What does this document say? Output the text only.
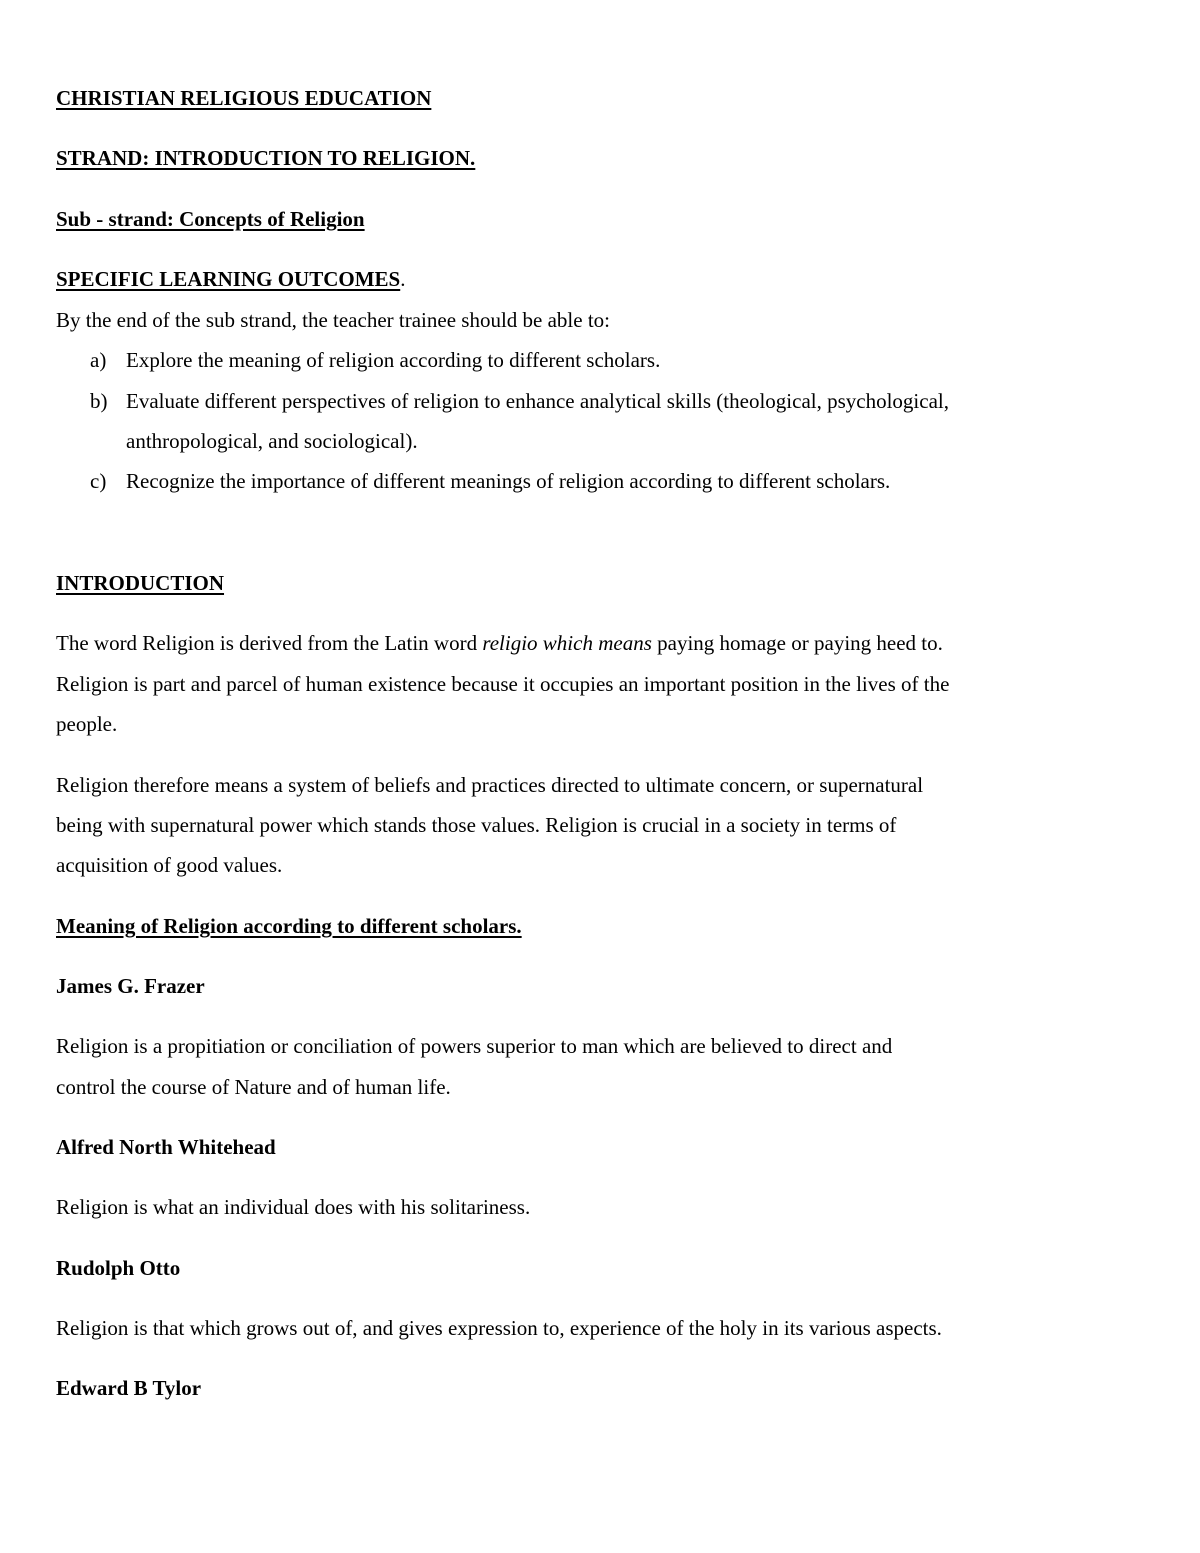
CHRISTIAN RELIGIOUS EDUCATION
STRAND: INTRODUCTION TO RELIGION.
Sub - strand: Concepts of Religion
SPECIFIC LEARNING OUTCOMES.
By the end of the sub strand, the teacher trainee should be able to:
a) Explore the meaning of religion according to different scholars.
b) Evaluate different perspectives of religion to enhance analytical skills (theological, psychological,
anthropological, and sociological).
c) Recognize the importance of different meanings of religion according to different scholars.
INTRODUCTION
The word Religion is derived from the Latin word religio which means paying homage or paying heed to.
Religion is part and parcel of human existence because it occupies an important position in the lives of the
people.
Religion therefore means a system of beliefs and practices directed to ultimate concern, or supernatural
being with supernatural power which stands those values. Religion is crucial in a society in terms of
acquisition of good values.
Meaning of Religion according to different scholars.
James G. Frazer
Religion is a propitiation or conciliation of powers superior to man which are believed to direct and
control the course of Nature and of human life.
Alfred North Whitehead
Religion is what an individual does with his solitariness.
Rudolph Otto
Religion is that which grows out of, and gives expression to, experience of the holy in its various aspects.
Edward B Tylor
